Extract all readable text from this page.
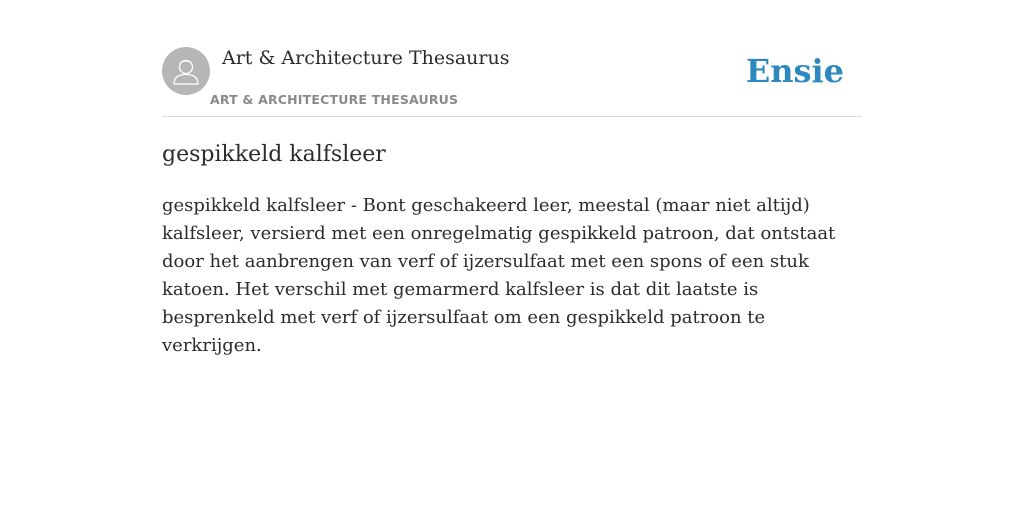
Art & Architecture Thesaurus
ART & ARCHITECTURE THESAURUS
Ensie
gespikkeld kalfsleer

gespikkeld kalfsleer - Bont geschakeerd leer, meestal (maar niet altijd) kalfsleer, versierd met een onregelmatig gespikkeld patroon, dat ontstaat door het aanbrengen van verf of ijzersulfaat met een spons of een stuk katoen. Het verschil met gemarmerd kalfsleer is dat dit laatste is besprenkeld met verf of ijzersulfaat om een gespikkeld patroon te verkrijgen.
